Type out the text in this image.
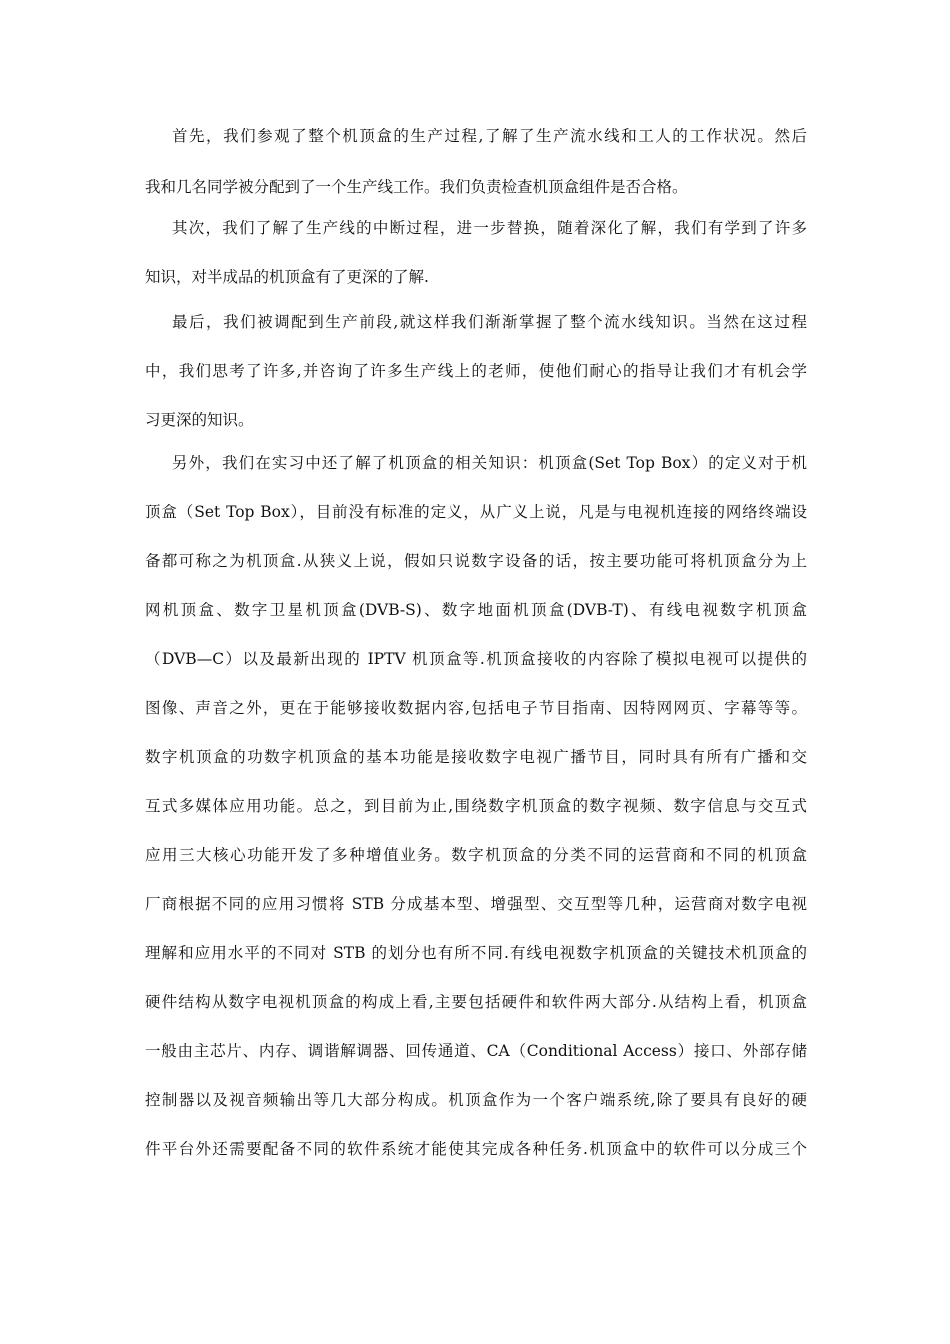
首先，我们参观了整个机顶盒的生产过程,了解了生产流水线和工人的工作状况。然后
我和几名同学被分配到了一个生产线工作。我们负责检查机顶盒组件是否合格。
其次，我们了解了生产线的中断过程，进一步替换，随着深化了解，我们有学到了许多
知识，对半成品的机顶盒有了更深的了解.
最后，我们被调配到生产前段,就这样我们渐渐掌握了整个流水线知识。当然在这过程
中，我们思考了许多,并咨询了许多生产线上的老师，使他们耐心的指导让我们才有机会学
习更深的知识。
另外，我们在实习中还了解了机顶盒的相关知识：机顶盒(Set Top Box）的定义对于机
顶盒（Set Top Box），目前没有标准的定义，从广义上说，凡是与电视机连接的网络终端设
备都可称之为机顶盒.从狭义上说，假如只说数字设备的话，按主要功能可将机顶盒分为上
网机顶盒、数字卫星机顶盒(DVB-S)、数字地面机顶盒(DVB-T)、有线电视数字机顶盒
（DVB—C）以及最新出现的 IPTV 机顶盒等.机顶盒接收的内容除了模拟电视可以提供的
图像、声音之外，更在于能够接收数据内容,包括电子节目指南、因特网网页、字幕等等。
数字机顶盒的功数字机顶盒的基本功能是接收数字电视广播节目，同时具有所有广播和交
互式多媒体应用功能。总之，到目前为止,围绕数字机顶盒的数字视频、数字信息与交互式
应用三大核心功能开发了多种增值业务。数字机顶盒的分类不同的运营商和不同的机顶盒
厂商根据不同的应用习惯将 STB 分成基本型、增强型、交互型等几种，运营商对数字电视
理解和应用水平的不同对 STB 的划分也有所不同.有线电视数字机顶盒的关键技术机顶盒的
硬件结构从数字电视机顶盒的构成上看,主要包括硬件和软件两大部分.从结构上看，机顶盒
一般由主芯片、内存、调谐解调器、回传通道、CA（Conditional Access）接口、外部存储
控制器以及视音频输出等几大部分构成。机顶盒作为一个客户端系统,除了要具有良好的硬
件平台外还需要配备不同的软件系统才能使其完成各种任务.机顶盒中的软件可以分成三个
